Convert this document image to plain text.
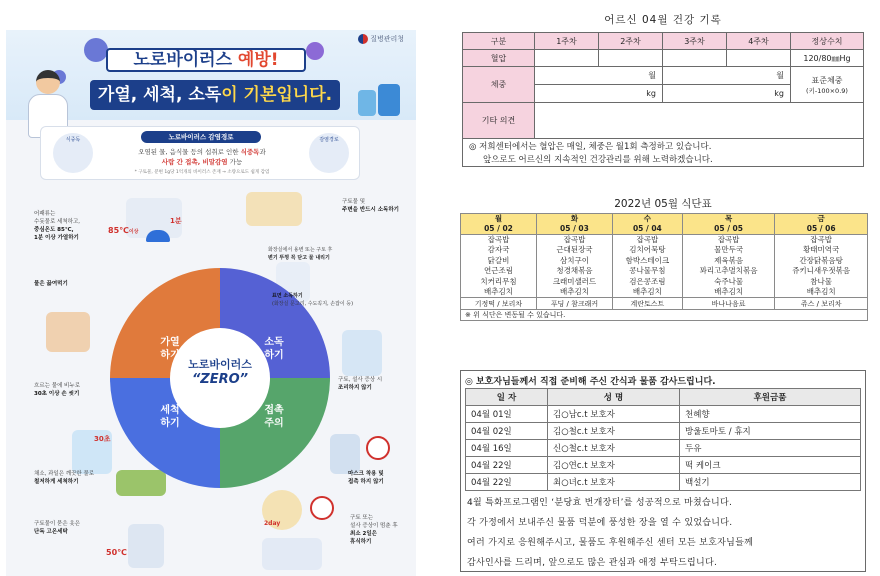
질병관리청
노로바이러스 예방!
가열, 세척, 소독이 기본입니다.
식중독	노로바이러스 감염경로
오염된 물, 음식물 등의 섭취로 인한 식중독과
사람 간 접촉, 비말감염 가능
* 구토물, 분변 1g당 1억개의 바이러스 존재 → 소량으로도 쉽게 감염
감염경로
85℃이상
1분
30초
50℃
2day
노로바이러스
“ZERO”
가열
하기
소독
하기
세척
하기
접촉
주의
어패류는
수돗물로 세척하고,
중심온도 85℃,
1분 이상 가열하기
물은 끓여먹기
흐르는 물에 비누로
30초 이상 손 씻기
채소, 과일은 깨끗한 물로
철저하게 세척하기
구토물이 묻은 옷은
단독 고온세탁
구토물 및
주변을 반드시 소독하기
화장실에서 용변 또는 구토 후
변기 뚜껑 꼭 닫고 물 내리기
표면 소독하기
(화장실 문고리, 수도꼭지, 손잡이 등)
구토, 설사 증상 시
조리하지 않기
마스크 착용 및
접촉 하지 않기
구토 또는
설사 증상이 멈춘 후
최소 2일은
휴식하기
어르신 04월 건강 기록
구분	1주차	2주차	3주차	4주차	정상수치
혈압					120/80㎜Hg
체중	월		월		표준체중
(키-100×0.9)

	kg		kg		
기타 의견					
◎ 저희센터에서는 혈압은 매일, 체중은 월1회 측정하고 있습니다.					
앞으로도 어르신의 지속적인 건강관리를 위해 노력하겠습니다.					
2022년 05월 식단표
월	화	수	목	금
05 / 02	05 / 03	05 / 04	05 / 05	05 / 06
잡곡밥	잡곡밥	잡곡밥	잡곡밥	잡곡밥
감자국	근대된장국	김치어묵탕	물만두국	황태미역국
닭갈비	삼치구이	함박스테이크	제육볶음	간장닭볶음탕
연근조림	청경채볶음	콩나물무침	꽈리고추멸치볶음	쥬키니새우젓볶음
치커리무침	크래미샐러드	검은콩조림	숙주나물	참나물
배추김치	배추김치	배추김치	배추김치	배추김치
기정떡 / 보리차	푸딩 / 참크래커	계란토스트	바나나음료	쥬스 / 보리차
※ 위 식단은 변동될 수 있습니다.				
◎ 보호자님들께서 직접 준비해 주신 간식과 물품 감사드립니다.
일 자	성 명	후원금품
04월 01일	김○남c.t 보호자	천혜향
04월 02일	김○철c.t 보호자	방울토마토 / 휴지
04월 16일	신○철c.t 보호자	두유
04월 22일	김○연c.t 보호자	떡 케이크
04월 22일	최○녀c.t 보호자	백설기
4월 특화프로그램인 ‘분당효 번개장터’를 성공적으로 마쳤습니다.
각 가정에서 보내주신 물품 덕분에 풍성한 장을 열 수 있었습니다.
여러 가지로 응원해주시고, 물품도 후원해주신 센터 모든 보호자님들께
감사인사를 드리며, 앞으로도 많은 관심과 애정 부탁드립니다.
